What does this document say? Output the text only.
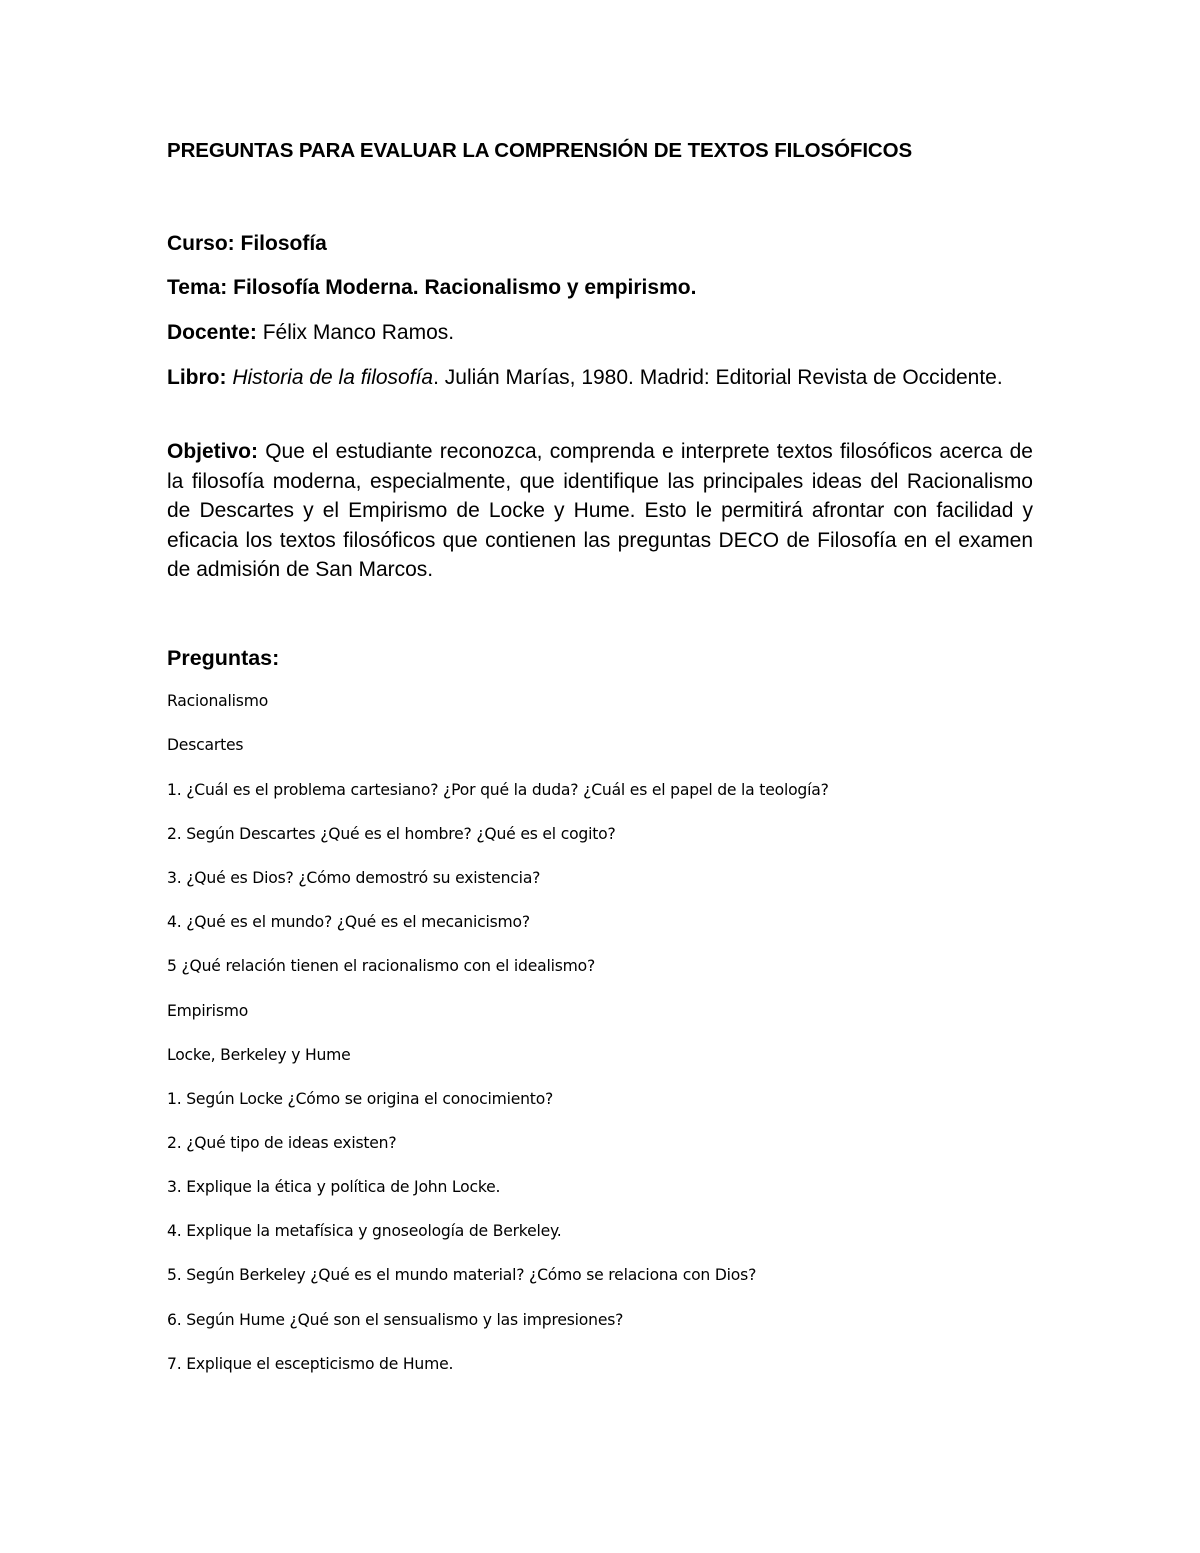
PREGUNTAS PARA EVALUAR LA COMPRENSIÓN DE TEXTOS FILOSÓFICOS
Curso: Filosofía
Tema: Filosofía Moderna. Racionalismo y empirismo.
Docente: Félix Manco Ramos.
Libro: Historia de la filosofía. Julián Marías, 1980. Madrid: Editorial Revista de Occidente.
Objetivo: Que el estudiante reconozca, comprenda e interprete textos filosóficos acerca de la filosofía moderna, especialmente, que identifique las principales ideas del Racionalismo de Descartes y el Empirismo de Locke y Hume. Esto le permitirá afrontar con facilidad y eficacia los textos filosóficos que contienen las preguntas DECO de Filosofía en el examen de admisión de San Marcos.
Preguntas:
Racionalismo
Descartes
1. ¿Cuál es el problema cartesiano? ¿Por qué la duda? ¿Cuál es el papel de la teología?
2. Según Descartes ¿Qué es el hombre? ¿Qué es el cogito?
3. ¿Qué es Dios? ¿Cómo demostró su existencia?
4. ¿Qué es el mundo? ¿Qué es el mecanicismo?
5 ¿Qué relación tienen el racionalismo con el idealismo?
Empirismo
Locke, Berkeley y Hume
1. Según Locke ¿Cómo se origina el conocimiento?
2. ¿Qué tipo de ideas existen?
3. Explique la ética y política de John Locke.
4. Explique la metafísica y gnoseología de Berkeley.
5. Según Berkeley ¿Qué es el mundo material? ¿Cómo se relaciona con Dios?
6. Según Hume ¿Qué son el sensualismo y las impresiones?
7. Explique el escepticismo de Hume.
